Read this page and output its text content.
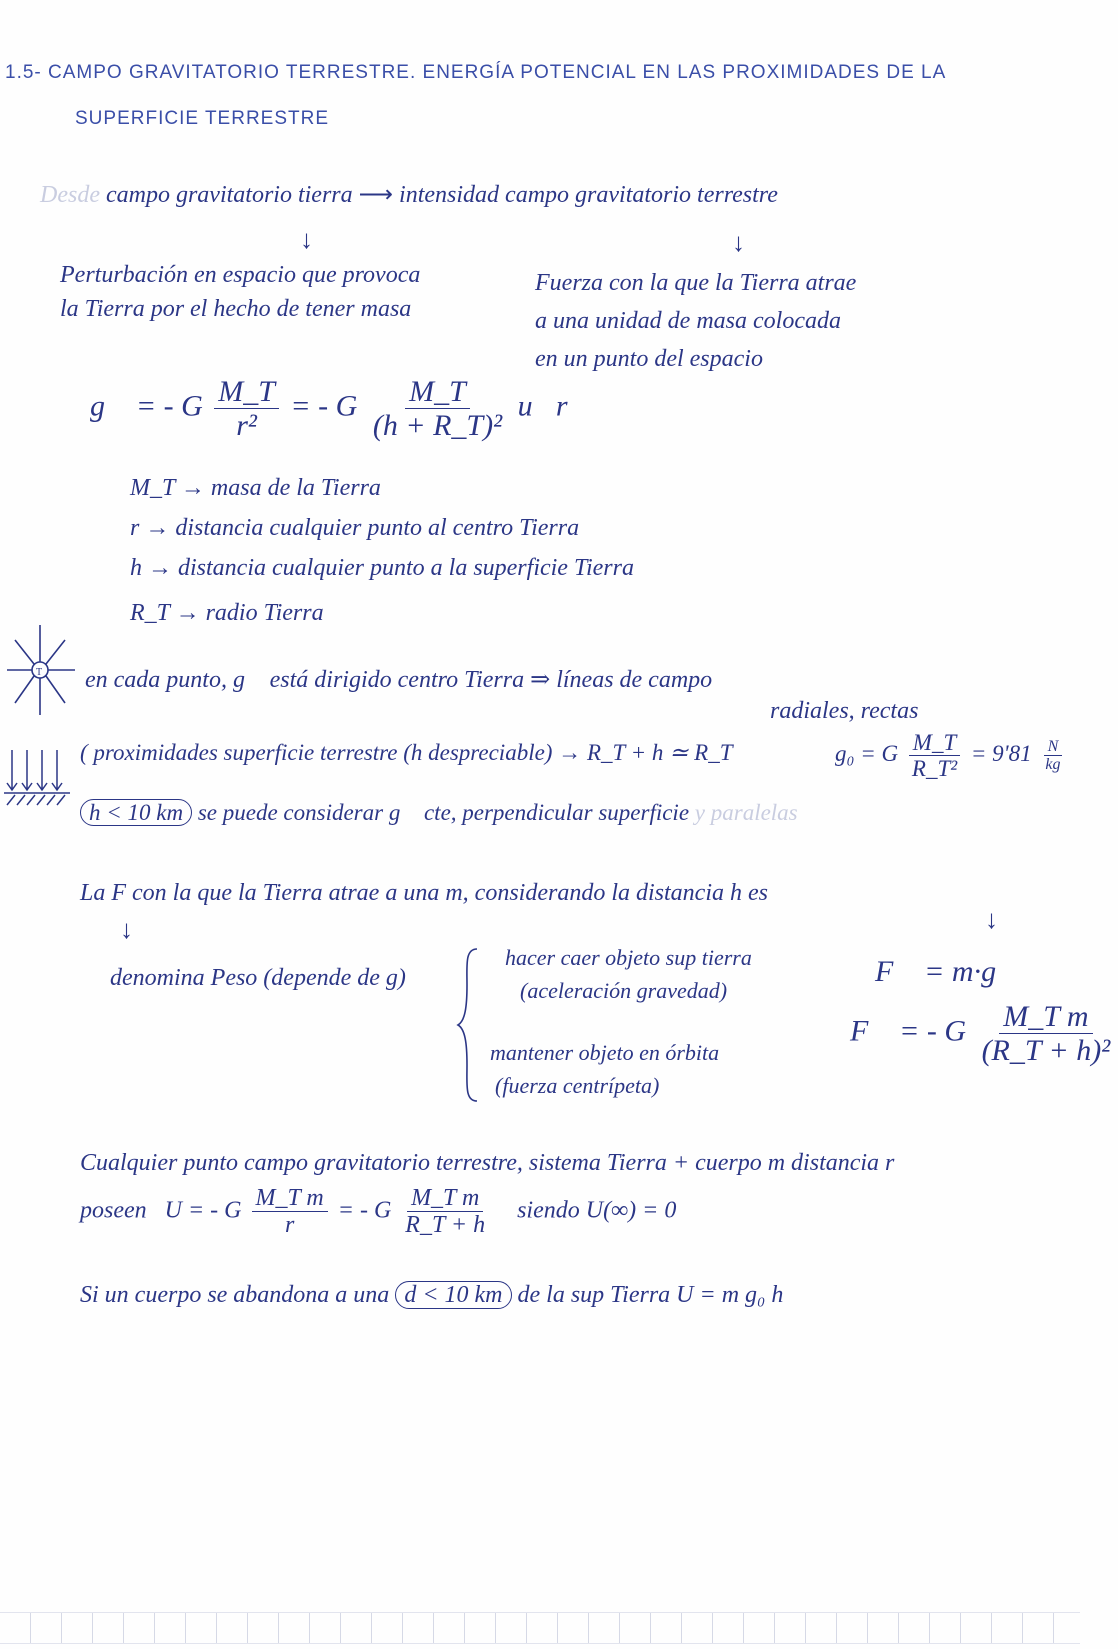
1.5- CAMPO GRAVITATORIO TERRESTRE. ENERGÍA POTENCIAL EN LAS PROXIMIDADES DE LA
SUPERFICIE TERRESTRE
Desde campo gravitatorio tierra ⟶ intensidad campo gravitatorio terrestre
↓	↓
Perturbación en espacio que provoca
la Tierra por el hecho de tener masa
Fuerza con la que la Tierra atrae
a una unidad de masa colocada
en un punto del espacio
g⃗ = - G $\frac{M\_T}{\text{r²}}$ = - G $\frac{M\_T}{\text{(h + R\_T)²}}$ u⃗r
M_T → masa de la Tierra
r → distancia cualquier punto al centro Tierra
h → distancia cualquier punto a la superficie Tierra
R_T → radio Tierra
T en cada punto, g⃗ está dirigido centro Tierra ⇒ líneas de campo
radiales, rectas
( proximidades superficie terrestre (h despreciable) → R_T + h ≃ R_T	g₀ = G $\frac{M\_T}{\text{R\_T²}} = 9'81 \frac{N}{kg}$
h < 10 km se puede considerar g⃗ cte, perpendicular superficie y paralelas
La F con la que la Tierra atrae a una m, considerando la distancia h es
↓	↓
denomina Peso (depende de g)
hacer caer objeto sup tierra
(aceleración gravedad)
mantener objeto en órbita
(fuerza centrípeta)
F⃗ = m·g⃗
F⃗ = - G $\frac{\text{M\_T m}}{\text{(R\_T + h)²}}$
Cualquier punto campo gravitatorio terrestre, sistema Tierra + cuerpo m distancia r
poseen U = - G $\frac{\text{M\_T m}}{r}$ = - G $\frac{\text{M\_T m}}{R\_T + h}$ siendo U(∞) = 0
Si un cuerpo se abandona a una d < 10 km de la sup Tierra U = m g₀ h
